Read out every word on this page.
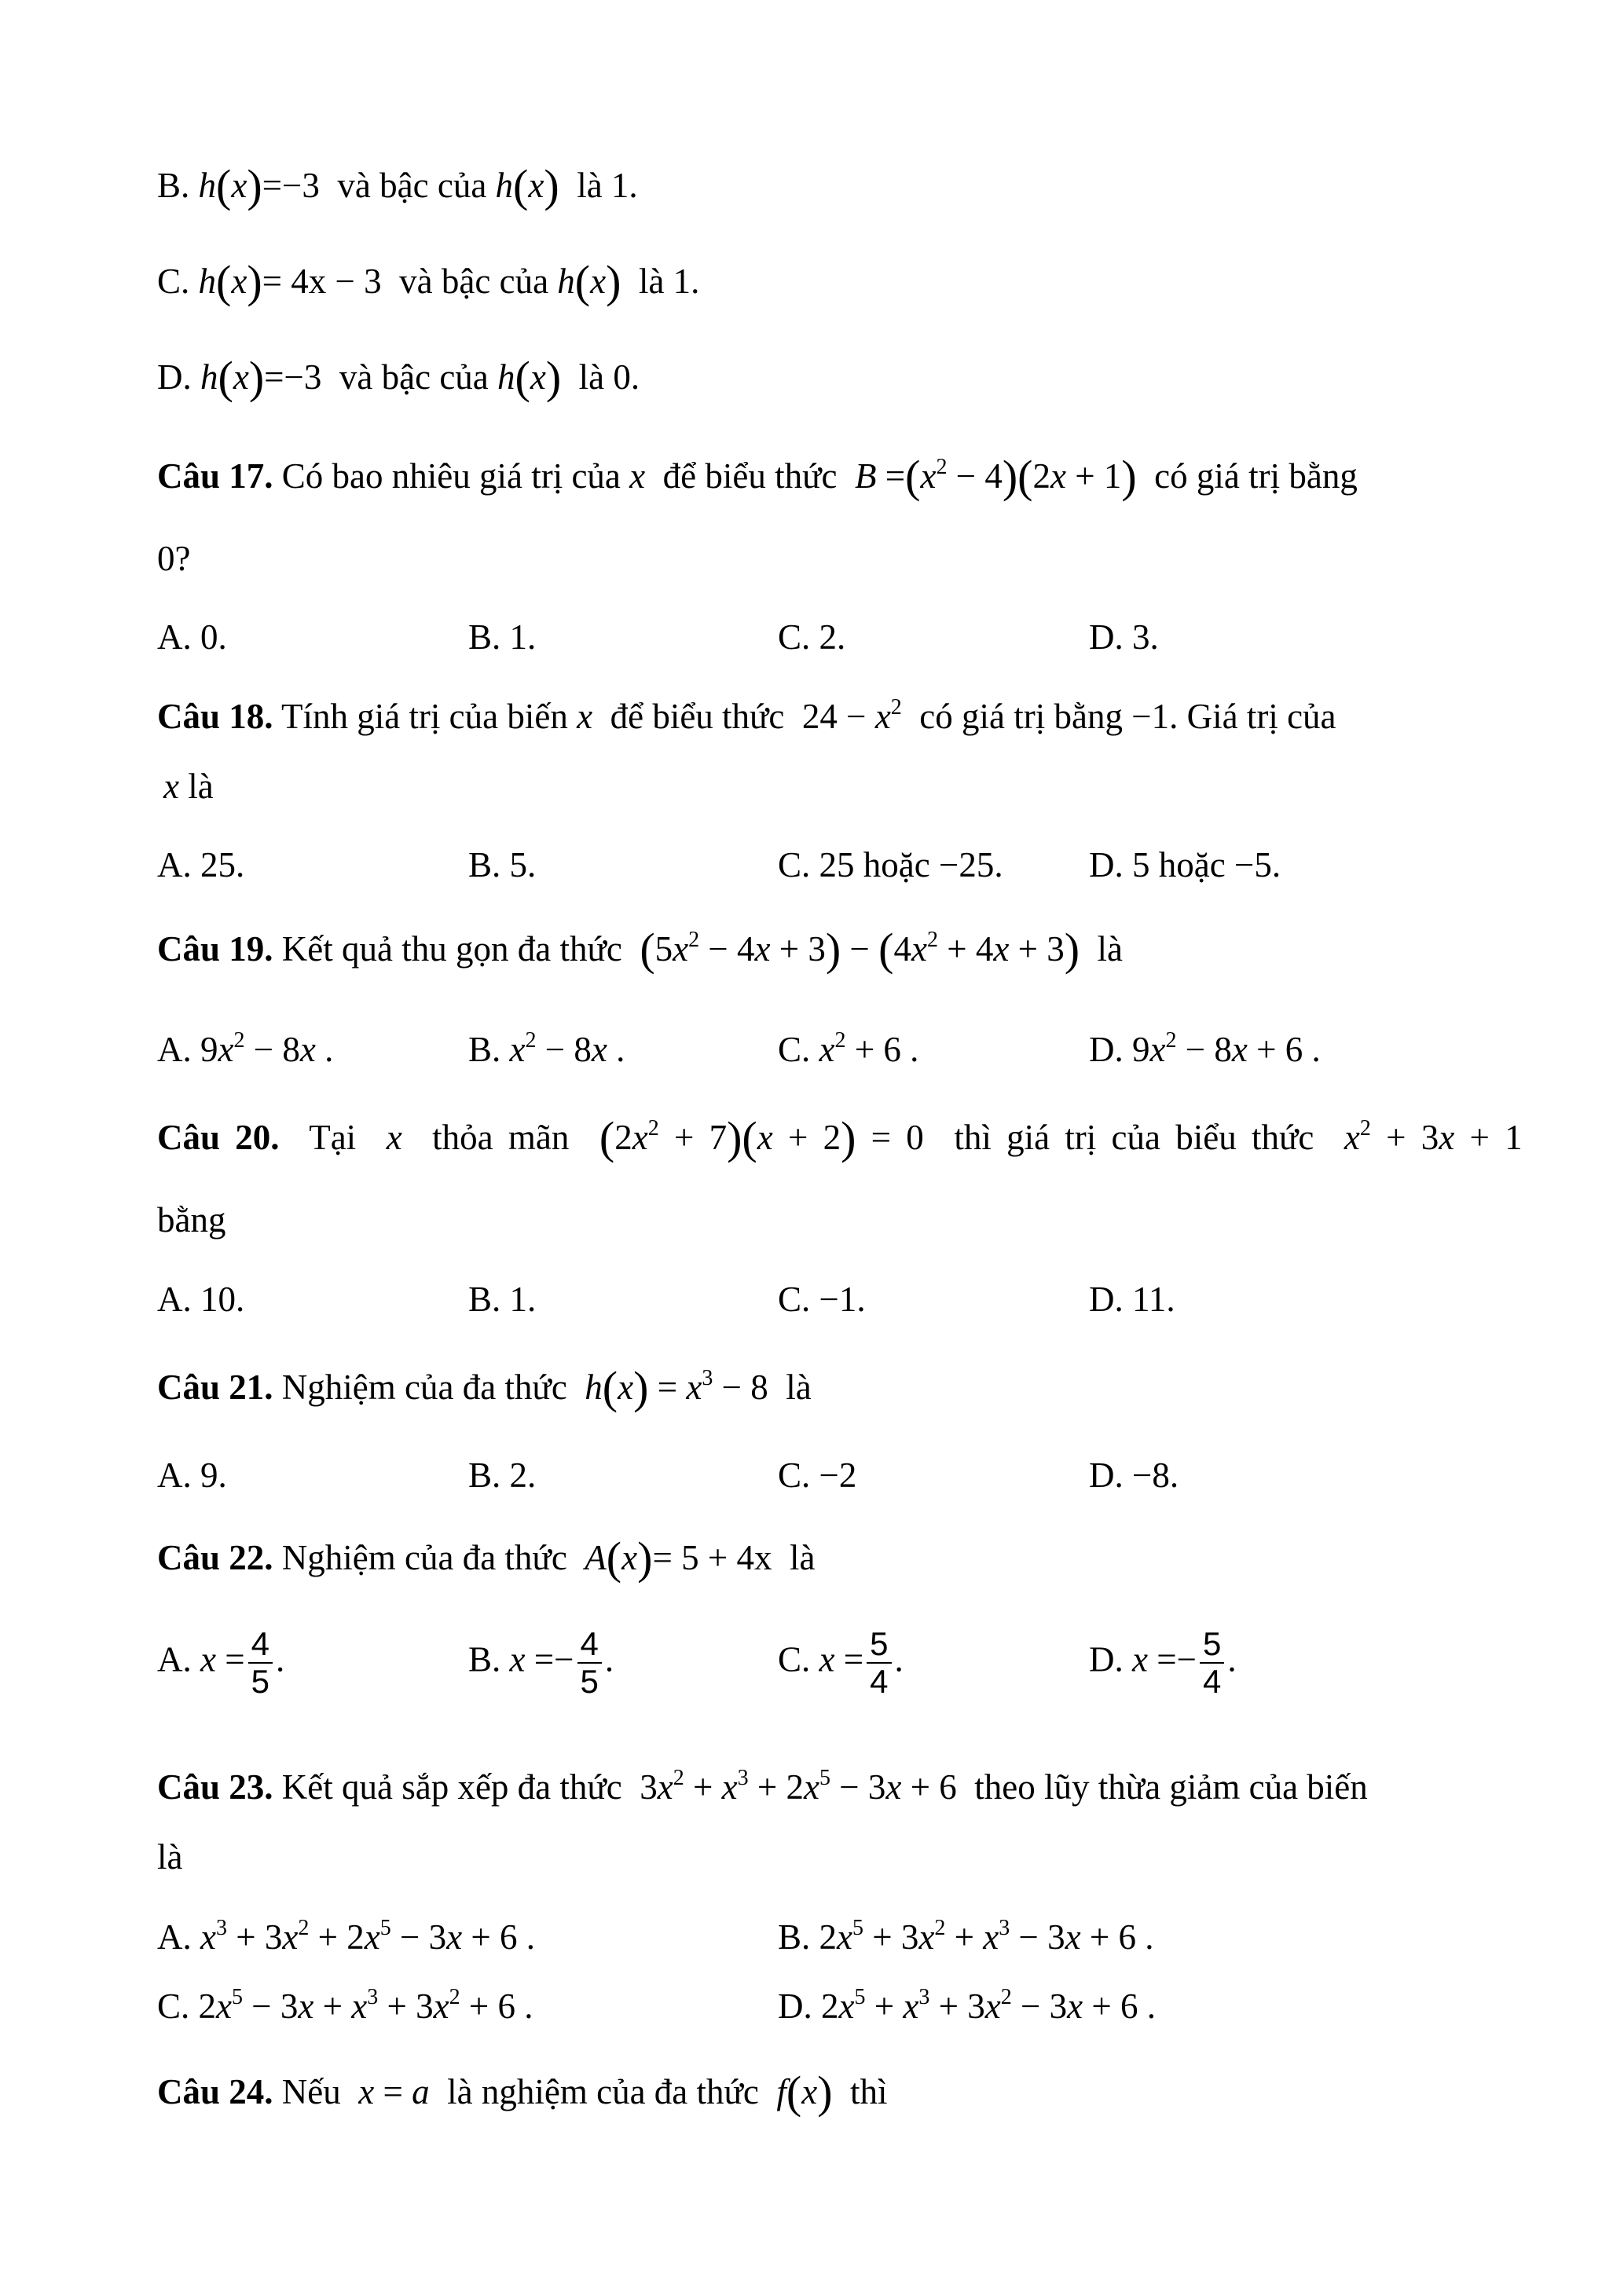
B. h(x)=−3 và bậc của h(x) là 1.
C. h(x)= 4x − 3 và bậc của h(x) là 1.
D. h(x)=−3 và bậc của h(x) là 0.
Câu 17. Có bao nhiêu giá trị của x để biểu thức $B =(x^2 - 4)(2x + 1)$ có giá trị bằng
0?
A. 0.	B. 1.	C. 2.	D. 3.
Câu 18. Tính giá trị của biến x để biểu thức $24 - x^2$ có giá trị bằng −1. Giá trị của
x là
A. 25.	B. 5.	C. 25 hoặc −25. D. 5 hoặc −5.
Câu 19. Kết quả thu gọn đa thức $(5x^2 - 4x + 3) - (4x^2 + 4x + 3)$ là
A. $9x^2 - 8x$ .	B. $x^2 - 8x$ .	C. $x^2 + 6$ .	D. $9x^2 - 8x + 6$ .
Câu 20. Tại x thỏa mãn $(2x^2 + 7)(x + 2) = 0$  thì giá trị của biểu thức $x^2 + 3x + 1$
bằng
A. 10.	B. 1.	C. −1.	D. 11.
Câu 21. Nghiệm của đa thức $h(x) = x^3 - 8$  là
A. 9.	B. 2.	C. −2	D. −8.
Câu 22. Nghiệm của đa thức A(x)= 5 + 4x là
A. $x = \frac{4}{5}$ .	B. $x =- \frac{4}{5}$ .	C. $x = \frac{5}{4}$ .	D. $x =- \frac{5}{4}$ .
Câu 23. Kết quả sắp xếp đa thức  $3x^2 + x^3 + 2x^5 - 3x + 6$  theo lũy thừa giảm của biến
là
A. $x^3 + 3x^2 + 2x^5 - 3x + 6$ .	B. $2x^5 + 3x^2 + x^3 - 3x + 6$ .
C. $2x^5 - 3x + x^3 + 3x^2 + 6$ .	D. $2x^5 + x^3 + 3x^2 - 3x + 6$ .
Câu 24. Nếu x = a là nghiệm của đa thức f(x) thì
